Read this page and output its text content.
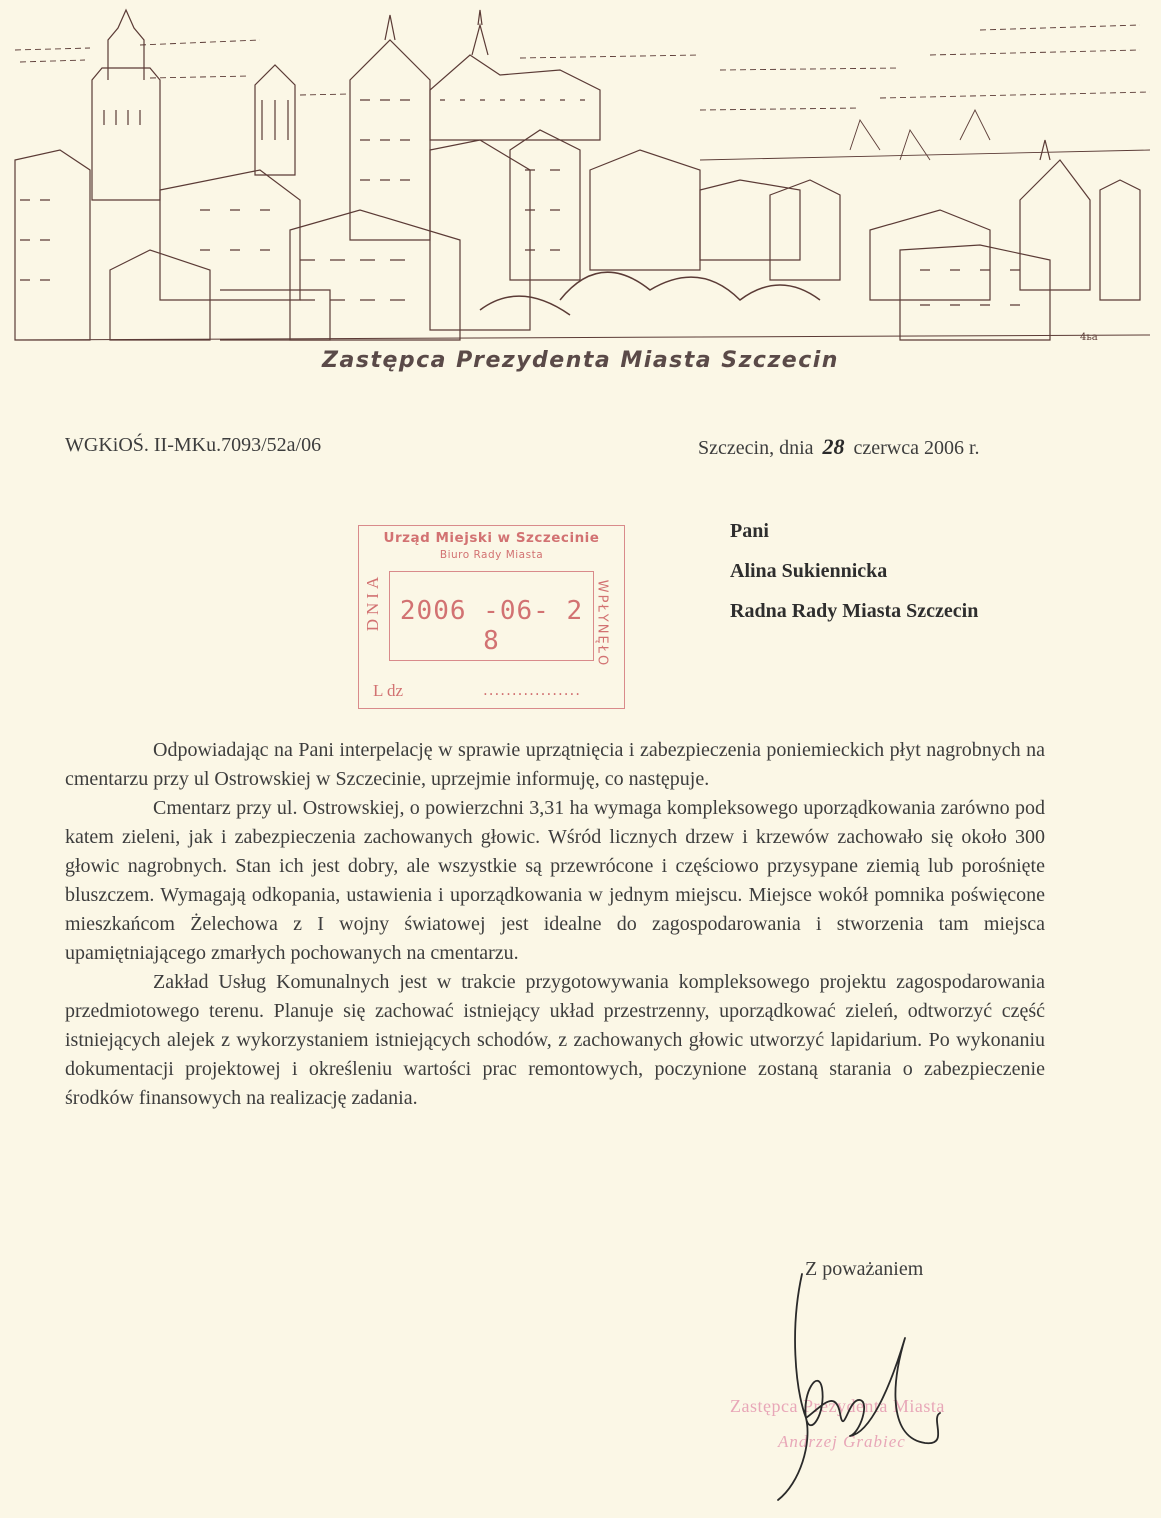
4ьа
Zastępca Prezydenta Miasta Szczecin
WGKiOŚ. II-MKu.7093/52a/06	Szczecin, dnia 28 czerwca 2006 r.
Urząd Miejski w Szczecinie
Biuro Rady Miasta
2006 -06- 2 8
DNIA	WPŁYNĘŁO
L dz	.................
Pani
Alina Sukiennicka
Radna Rady Miasta Szczecin

Odpowiadając na Pani interpelację w sprawie uprzątnięcia i zabezpieczenia poniemieckich płyt nagrobnych na cmentarzu przy ul Ostrowskiej w Szczecinie, uprzejmie informuję, co następuje.

Cmentarz przy ul. Ostrowskiej, o powierzchni 3,31 ha wymaga kompleksowego uporządkowania zarówno pod katem zieleni, jak i zabezpieczenia zachowanych głowic. Wśród licznych drzew i krzewów zachowało się około 300 głowic nagrobnych. Stan ich jest dobry, ale wszystkie są przewrócone i częściowo przysypane ziemią lub porośnięte bluszczem. Wymagają odkopania, ustawienia i uporządkowania w jednym miejscu. Miejsce wokół pomnika poświęcone mieszkańcom Żelechowa z I wojny światowej jest idealne do zagospodarowania i stworzenia tam miejsca upamiętniającego zmarłych pochowanych na cmentarzu.

Zakład Usług Komunalnych jest w trakcie przygotowywania kompleksowego projektu zagospodarowania przedmiotowego terenu. Planuje się zachować istniejący układ przestrzenny, uporządkować zieleń, odtworzyć część istniejących alejek z wykorzystaniem istniejących schodów, z zachowanych głowic utworzyć lapidarium. Po wykonaniu dokumentacji projektowej i określeniu wartości prac remontowych, poczynione zostaną starania o zabezpieczenie środków finansowych na realizację zadania.

Z poważaniem
Zastępca Prezydenta Miasta
Andrzej Grabiec
